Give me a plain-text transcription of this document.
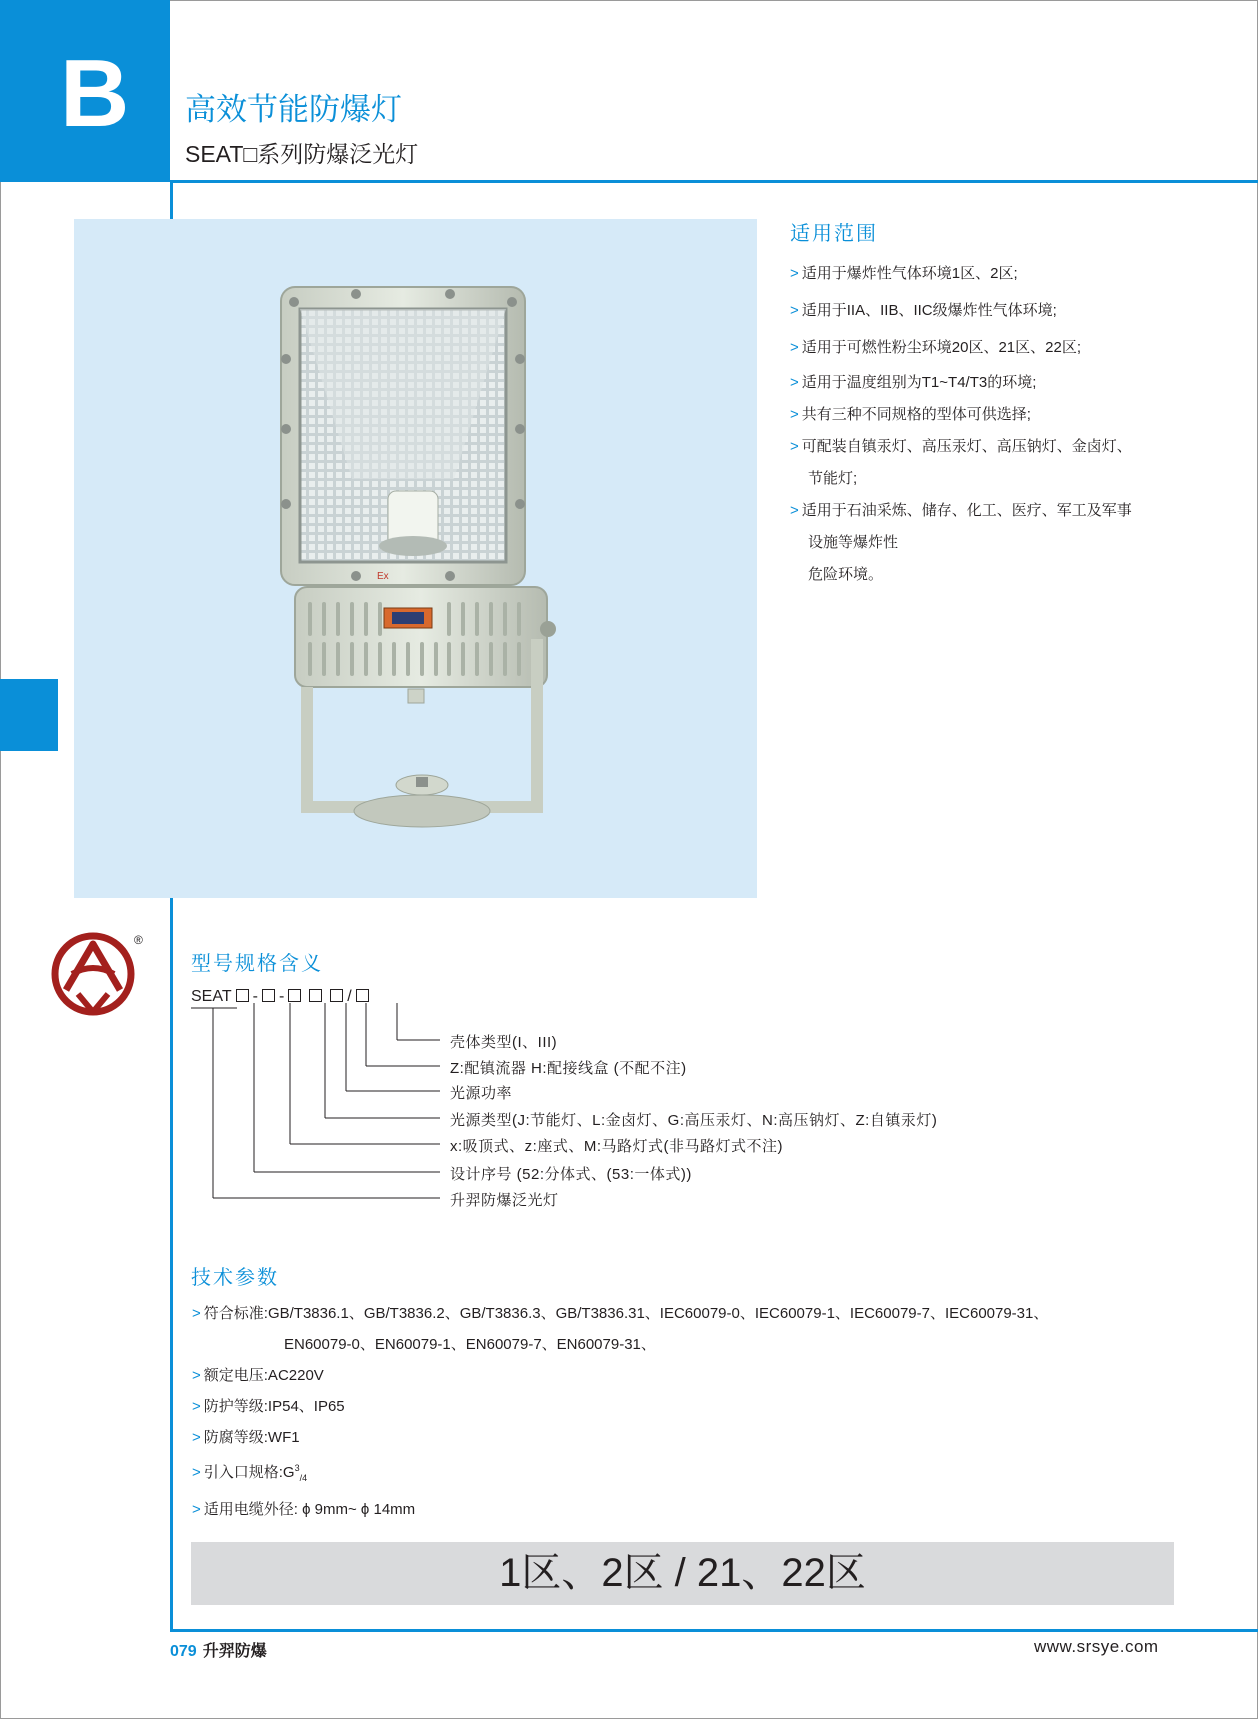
B 高效节能防爆灯
SEAT□系列防爆泛光灯
Ex
适用范围
> 适用于爆炸性气体环境1区、2区;
> 适用于IIA、IIB、IIC级爆炸性气体环境;
> 适用于可燃性粉尘环境20区、21区、22区;
> 适用于温度组别为T1~T4/T3的环境;
> 共有三种不同规格的型体可供选择;
> 可配装自镇汞灯、高压汞灯、高压钠灯、金卤灯、
节能灯;
> 适用于石油采炼、储存、化工、医疗、军工及军事
设施等爆炸性
危险环境。
®
型号规格含义
SEAT - -	/
壳体类型(I、III)
Z:配镇流器 H:配接线盒 (不配不注)
光源功率
光源类型(J:节能灯、L:金卤灯、G:高压汞灯、N:高压钠灯、Z:自镇汞灯)
x:吸顶式、z:座式、M:马路灯式(非马路灯式不注)
设计序号 (52:分体式、(53:一体式))
升羿防爆泛光灯
技术参数
> 符合标准:GB/T3836.1、GB/T3836.2、GB/T3836.3、GB/T3836.31、IEC60079-0、IEC60079-1、IEC60079-7、IEC60079-31、
EN60079-0、EN60079-1、EN60079-7、EN60079-31、
> 额定电压:AC220V
> 防护等级:IP54、IP65
> 防腐等级:WF1
> 引入口规格$:G^3_{/4}$
> 适用电缆外径: ϕ 9mm~ ϕ 14mm
1区、2区 / 21、22区
079 升羿防爆	www.srsye.com
